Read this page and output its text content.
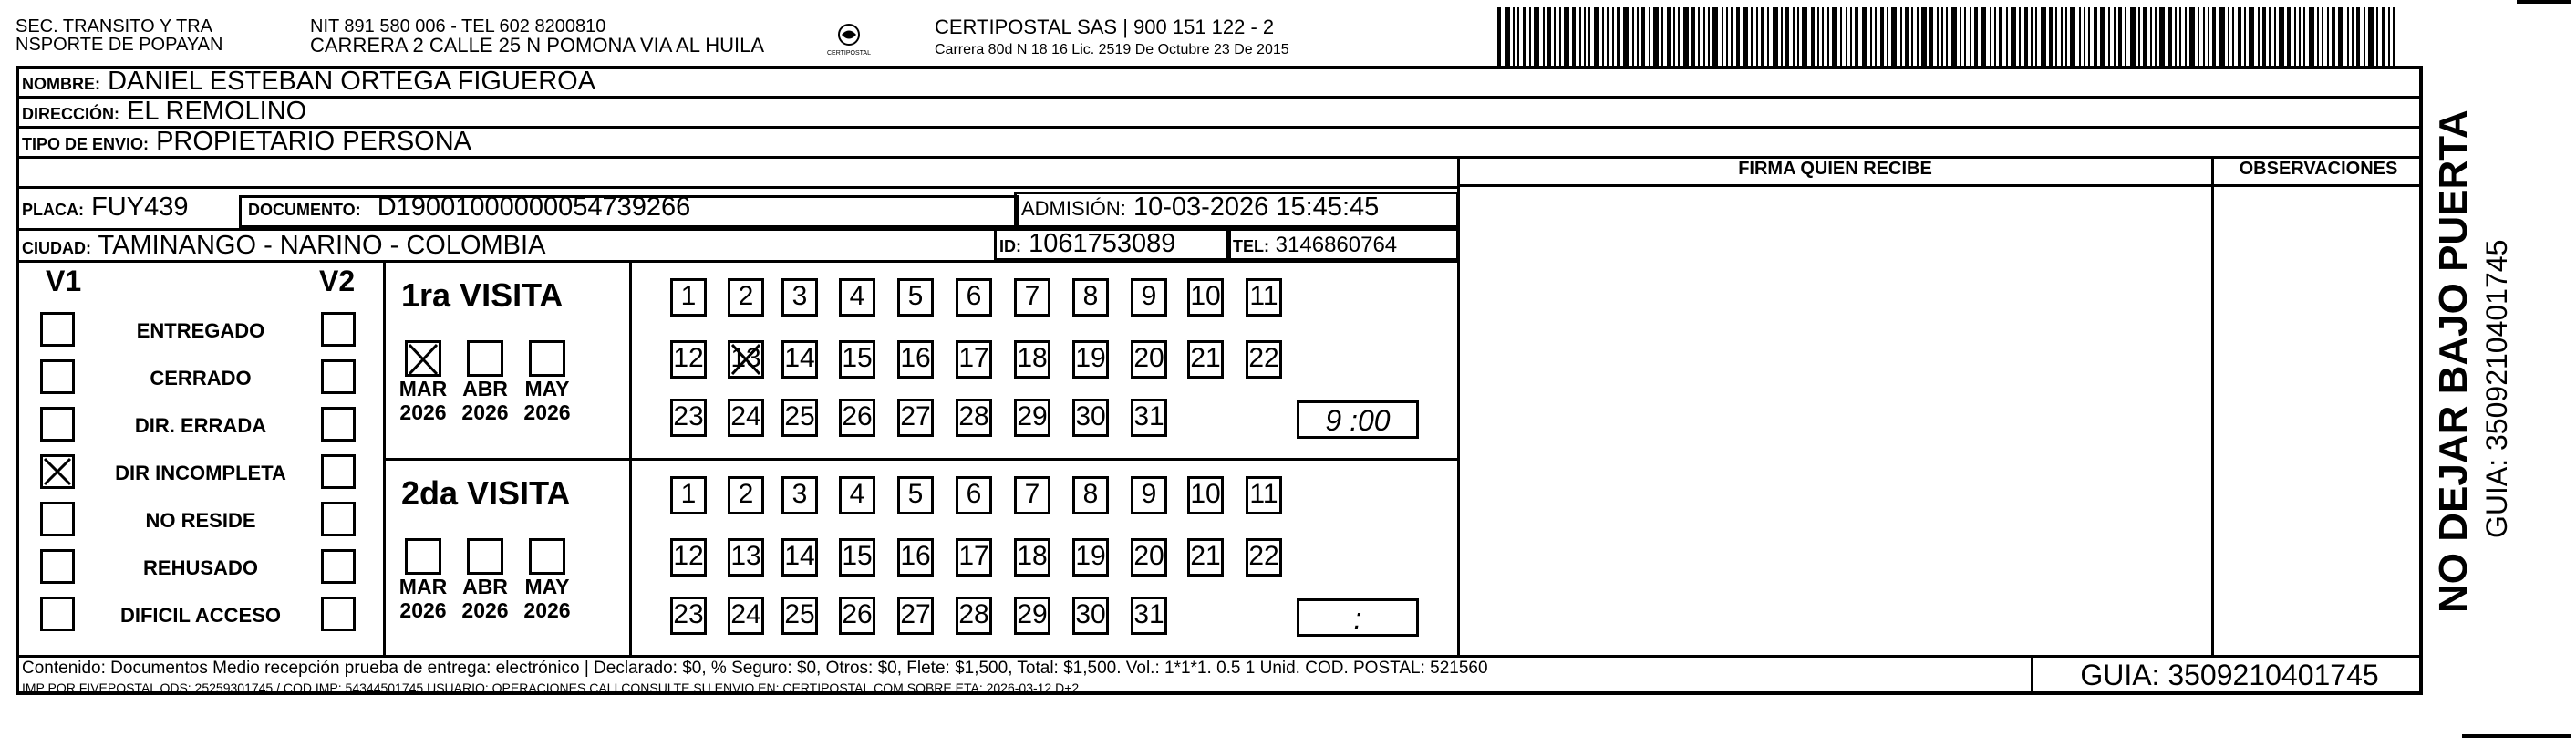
SEC. TRANSITO Y TRA
NSPORTE DE POPAYAN
NIT 891 580 006 - TEL 602 8200810
CARRERA 2 CALLE 25 N POMONA VIA AL HUILA	CERTIPOSTAL
CERTIPOSTAL SAS | 900 151 122 - 2
Carrera 80d N 18 16 Lic. 2519 De Octubre 23 De 2015
NOMBRE: DANIEL ESTEBAN ORTEGA FIGUEROA
DIRECCIÓN: EL REMOLINO
TIPO DE ENVIO: PROPIETARIO PERSONA
FIRMA QUIEN RECIBE	OBSERVACIONES
PLACA: FUY439	DOCUMENTO: D19001000000054739266	ADMISIÓN: 10-03-2026 15:45:45
CIUDAD: TAMINANGO - NARINO - COLOMBIA	ID: 1061753089	TEL: 3146860764
V1	V2
ENTREGADO
CERRADO
DIR. ERRADA
DIR INCOMPLETA
NO RESIDE
REHUSADO
DIFICIL ACCESO
1ra VISITA
MAR
2026
ABR
2026
MAY
2026
1	2	3	4	5	6	7	8	9	10 11
12 13 14 15 16 17 18 19 20 21 22
23 24 25 26 27 28 29 30 31	9 :00
2da VISITA
MAR
2026
ABR
2026
MAY
2026
1	2	3	4	5	6	7	8	9	10 11
12 13 14 15 16 17 18 19 20 21 22
23 24 25 26 27 28 29 30 31	:
Contenido: Documentos Medio recepción prueba de entrega: electrónico | Declarado: $0, % Seguro: $0, Otros: $0, Flete: $1,500, Total: $1,500. Vol.: 1*1*1. 0.5 1 Unid. COD. POSTAL: 521560
IMP POR FIVEPOSTAL ODS: 25259301745 / COD.IMP: 54344501745 USUARIO: OPERACIONES.CALI CONSULTE SU ENVIO EN: CERTIPOSTAL.COM SOBRE ETA: 2026-03-12 D+2	GUIA: 3509210401745
NO DEJAR BAJO PUERTA GUIA: 3509210401745
